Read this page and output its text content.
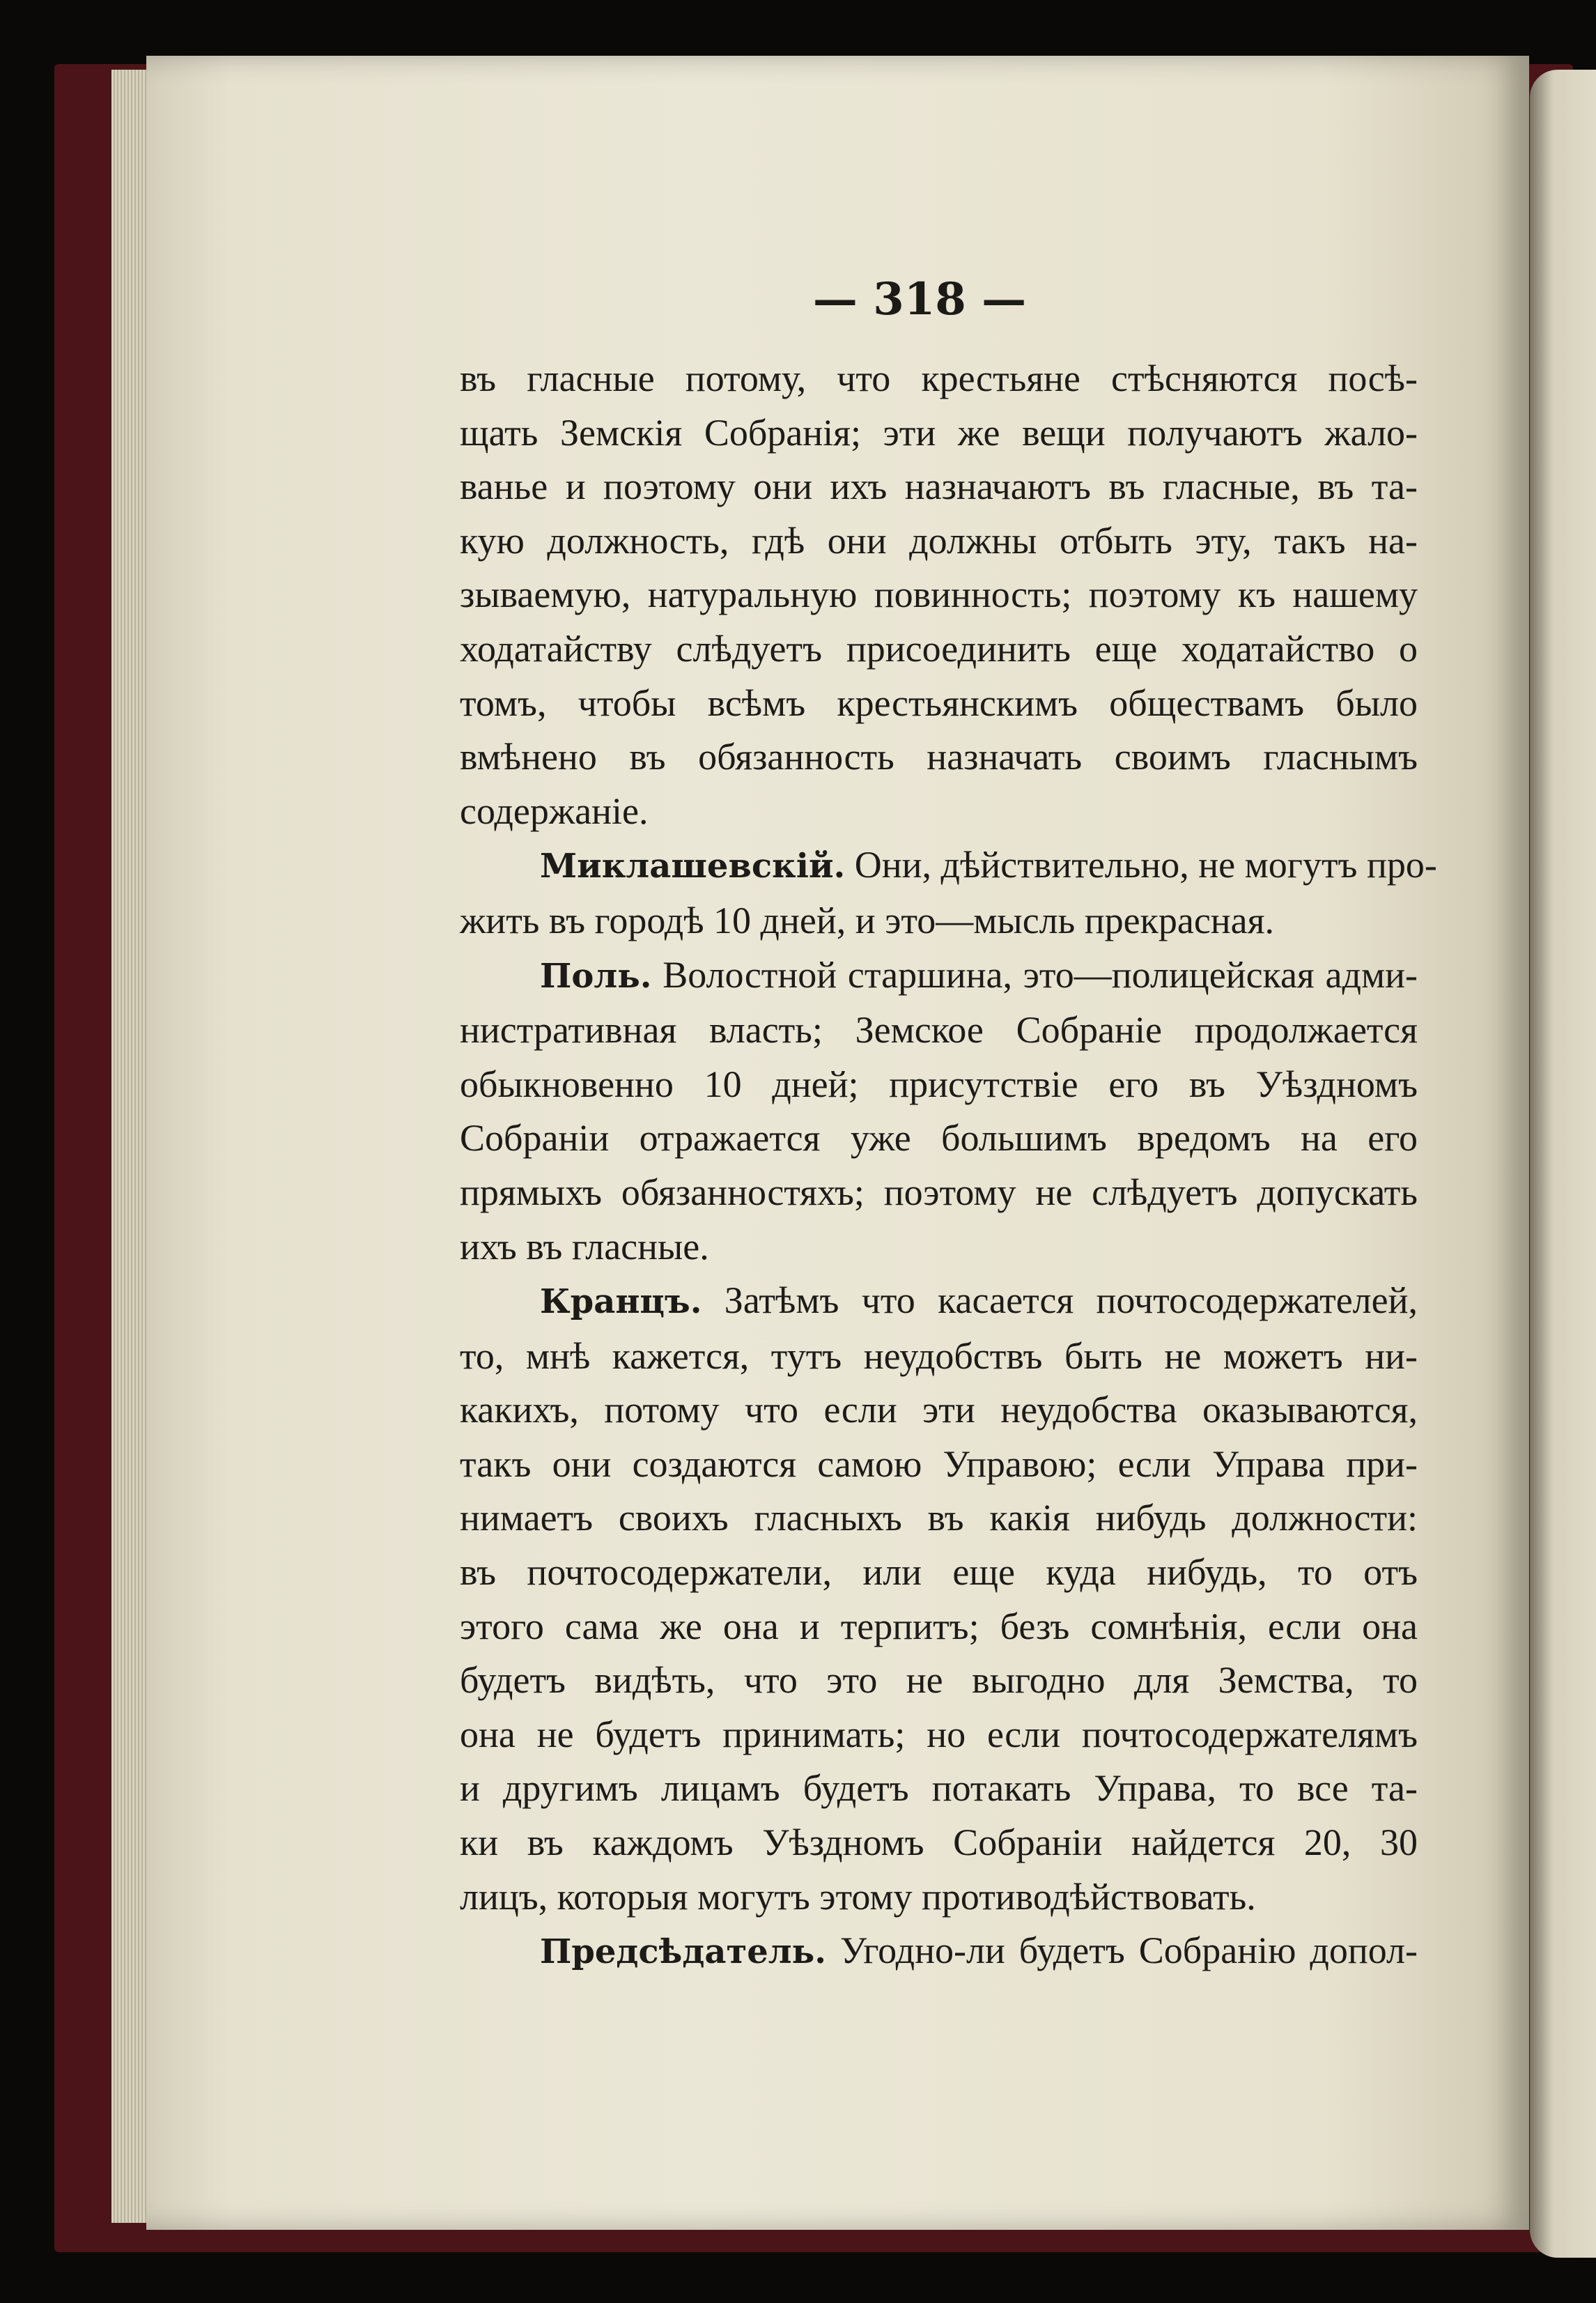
— 318 —
въ гласные потому, что крестьяне стѣсняются посѣ-
щать Земскія Собранія; эти же вещи получаютъ жало-
ванье и поэтому они ихъ назначаютъ въ гласные, въ та-
кую должность, гдѣ они должны отбыть эту, такъ на-
зываемую, натуральную повинность; поэтому къ нашему
ходатайству слѣдуетъ присоединить еще ходатайство о
томъ, чтобы всѣмъ крестьянскимъ обществамъ было
вмѣнено въ обязанность назначать своимъ гласнымъ
содержаніе.
Миклашевскій. Они, дѣйствительно, не могутъ про-
жить въ городѣ 10 дней, и это—мысль прекрасная.
Поль. Волостной старшина, это—полицейская адми-
нистративная власть; Земское Собраніе продолжается
обыкновенно 10 дней; присутствіе его въ Уѣздномъ
Собраніи отражается уже большимъ вредомъ на его
прямыхъ обязанностяхъ; поэтому не слѣдуетъ допускать
ихъ въ гласные.
Кранцъ. Затѣмъ что касается почтосодержателей,
то, мнѣ кажется, тутъ неудобствъ быть не можетъ ни-
какихъ, потому что если эти неудобства оказываются,
такъ они создаются самою Управою; если Управа при-
нимаетъ своихъ гласныхъ въ какія нибудь должности:
въ почтосодержатели, или еще куда нибудь, то отъ
этого сама же она и терпитъ; безъ сомнѣнія, если она
будетъ видѣть, что это не выгодно для Земства, то
она не будетъ принимать; но если почтосодержателямъ
и другимъ лицамъ будетъ потакать Управа, то все та-
ки въ каждомъ Уѣздномъ Собраніи найдется 20, 30
лицъ, которыя могутъ этому противодѣйствовать.
Предсѣдатель. Угодно-ли будетъ Собранію допол-
